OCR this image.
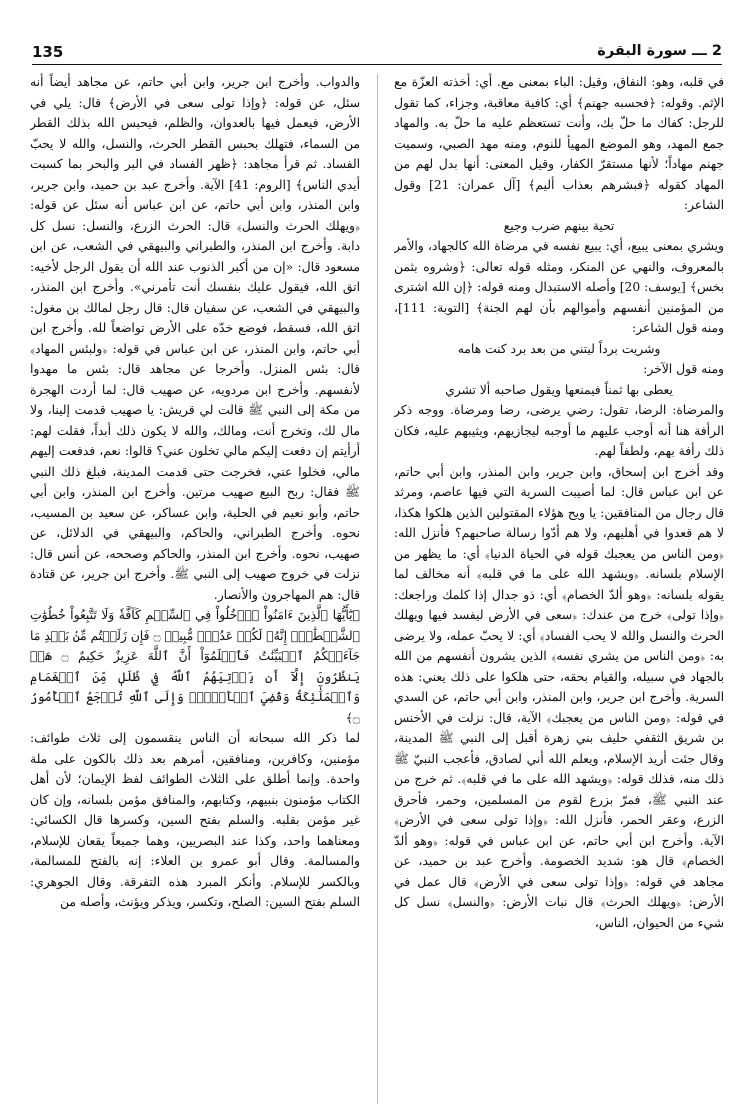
135	2 ـــ سورة البقرة

في قلبه، وهو: النفاق، وقيل: الباء بمعنى مع. أي: أخذته العزّة مع الإثم. وقوله: ﴿فحسبه جهنم﴾ أي: كافية معاقبة، وجزاء، كما تقول للرجل: كفاك ما حلّ بك، وأنت تستعظم عليه ما حلّ به. والمهاد جمع المهد، وهو الموضع المهيأ للنوم، ومنه مهد الصبي، وسميت جهنم مهاداً؛ لأنها مستقرّ الكفار، وقيل المعنى: أنها بدل لهم من المهاد كقوله ﴿فبشرهم بعذاب أليم﴾ [آل عمران: 21] وقول الشاعر:

تحية بينهم ضرب وجيع

ويشري بمعنى يبيع، أي: يبيع نفسه في مرضاة الله كالجهاد، والأمر بالمعروف، والنهي عن المنكر، ومثله قوله تعالى: ﴿وشروه بثمن بخس﴾ [يوسف: 20] وأصله الاستبدال ومنه قوله: ﴿إن الله اشترى من المؤمنين أنفسهم وأموالهم بأن لهم الجنة﴾ [التوبة: 111]، ومنه قول الشاعر:

وشريت برداً ليتني من بعد برد كنت هامه

ومنه قول الآخر:

يعطى بها ثمناً فيمنعها ويقول صاحبه ألا تشري

والمرضاة: الرضا، تقول: رضي يرضى، رضا ومرضاة. ووجه ذكر الرأفة هنا أنه أوجب عليهم ما أوجبه ليجازيهم، ويثيبهم عليه، فكان ذلك رأفة بهم، ولطفاً لهم.

وقد أخرج ابن إسحاق، وابن جرير، وابن المنذر، وابن أبي حاتم، عن ابن عباس قال: لما أصيبت السرية التي فيها عاصم، ومرثد قال رجال من المنافقين: يا ويح هؤلاء المقتولين الذين هلكوا هكذا، لا هم قعدوا في أهليهم، ولا هم أدّوا رسالة صاحبهم؟ فأنزل الله: ﴿ومن الناس من يعجبك قوله في الحياة الدنيا﴾ أي: ما يظهر من الإسلام بلسانه. ﴿ويشهد الله على ما في قلبه﴾ أنه مخالف لما يقوله بلسانه: ﴿وهو ألدّ الخصام﴾ أي: ذو جدال إذا كلمك وراجعك: ﴿وإذا تولى﴾ خرج من عندك: ﴿سعى في الأرض ليفسد فيها ويهلك الحرث والنسل والله لا يحب الفساد﴾ أي: لا يحبّ عمله، ولا يرضى به: ﴿ومن الناس من يشري نفسه﴾ الذين يشرون أنفسهم من الله بالجهاد في سبيله، والقيام بحقه، حتى هلكوا على ذلك يعني: هذه السرية. وأخرج ابن جرير، وابن المنذر، وابن أبي حاتم، عن السدي في قوله: ﴿ومن الناس من يعجبك﴾ الآية، قال: نزلت في الأخنس بن شريق الثقفي حليف بني زهرة أقبل إلى النبي ﷺ المدينة، وقال جئت أريد الإسلام، ويعلم الله أني لصادق، فأعجب النبيّ ﷺ ذلك منه، فذلك قوله: ﴿ويشهد الله على ما في قلبه﴾. ثم خرج من عند النبي ﷺ، فمرّ بزرع لقوم من المسلمين، وحمر، فأحرق الزرع، وعقر الحمر، فأنزل الله: ﴿وإذا تولى سعى في الأرض﴾ الآية. وأخرج ابن أبي حاتم، عن ابن عباس في قوله: ﴿وهو ألدّ الخصام﴾ قال هو: شديد الخصومة. وأخرج عبد بن حميد، عن مجاهد في قوله: ﴿وإذا تولى سعى في الأرض﴾ قال عمل في الأرض: ﴿ويهلك الحرث﴾ قال نبات الأرض: ﴿والنسل﴾ نسل كل شيء من الحيوان، الناس،

والدواب. وأخرج ابن جرير، وابن أبي حاتم، عن مجاهد أيضاً أنه سئل، عن قوله: ﴿وإذا تولى سعى في الأرض﴾ قال: يلي في الأرض، فيعمل فيها بالعدوان، والظلم، فيحبس الله بذلك القطر من السماء، فتهلك بحبس القطر الحرث، والنسل، والله لا يحبّ الفساد. ثم قرأ مجاهد: ﴿ظهر الفساد في البر والبحر بما كسبت أيدي الناس﴾ [الروم: 41] الآية. وأخرج عبد بن حميد، وابن جرير، وابن المنذر، وابن أبي حاتم، عن ابن عباس أنه سئل عن قوله: ﴿ويهلك الحرث والنسل﴾ قال: الحرث الزرع، والنسل: نسل كل دابة. وأخرج ابن المنذر، والطبراني والبيهقي في الشعب، عن ابن مسعود قال: «إن من أكبر الذنوب عند الله أن يقول الرجل لأخيه: اتق الله، فيقول عليك بنفسك أنت تأمرني». وأخرج ابن المنذر، والبيهقي في الشعب، عن سفيان قال: قال رجل لمالك بن مغول: اتق الله، فسقط، فوضع خدّه على الأرض تواضعاً لله. وأخرج ابن أبي حاتم، وابن المنذر، عن ابن عباس في قوله: ﴿ولبئس المهاد﴾ قال: بئس المنزل. وأخرجا عن مجاهد قال: بئس ما مهدوا لأنفسهم. وأخرج ابن مردويه، عن صهيب قال: لما أردت الهجرة من مكة إلى النبي ﷺ قالت لي قريش: يا صهيب قدمت إلينا، ولا مال لك، وتخرج أنت، ومالك، والله لا يكون ذلك أبداً، فقلت لهم: أرأيتم إن دفعت إليكم مالي تخلون عني؟ قالوا: نعم، فدفعت إليهم مالي، فخلوا عني، فخرجت حتى قدمت المدينة، فبلغ ذلك النبي ﷺ فقال: ربح البيع صهيب مرتين. وأخرج ابن المنذر، وابن أبي حاتم، وأبو نعيم في الحلية، وابن عساكر، عن سعيد بن المسيب، نحوه. وأخرج الطبراني، والحاكم، والبيهقي في الدلائل، عن صهيب، نحوه. وأخرج ابن المنذر، والحاكم وصححه، عن أنس قال: نزلت في خروج صهيب إلى النبي ﷺ. وأخرج ابن جرير، عن قتادة قال: هم المهاجرون والأنصار.

﴿يَٰٓأَيُّهَا ٱلَّذِينَ ءَامَنُواْ ٱدۡخُلُواْ فِي ٱلسِّلۡمِ كَآفَّةٗ وَلَا تَتَّبِعُواْ خُطُوَٰتِ ٱلشَّيۡطَٰنِۚ إِنَّهُۥ لَكُمۡ عَدُوّٞ مُّبِينٞ ۝ فَإِن زَلَلۡتُم مِّنۢ بَعۡدِ مَا جَآءَتۡكُمُ ٱلۡبَيِّنَٰتُ فَٱعۡلَمُوٓاْ أَنَّ ٱللَّهَ عَزِيزٌ حَكِيمٌ ۝ هَلۡ يَنظُرُونَ إِلَّآ أَن يَأۡتِيَهُمُ ٱللَّهُ فِي ظُلَلٖ مِّنَ ٱلۡغَمَامِ وَٱلۡمَلَٰٓئِكَةُ وَقُضِيَ ٱلۡأَمۡرُۚ وَإِلَى ٱللَّهِ تُرۡجَعُ ٱلۡأُمُورُ ۝﴾

لما ذكر الله سبحانه أن الناس ينقسمون إلى ثلاث طوائف: مؤمنين، وكافرين، ومنافقين، أمرهم بعد ذلك بالكون على ملة واحدة. وإنما أطلق على الثلاث الطوائف لفظ الإيمان؛ لأن أهل الكتاب مؤمنون بنبيهم، وكتابهم، والمنافق مؤمن بلسانه، وإن كان غير مؤمن بقلبه. والسلم بفتح السين، وكسرها قال الكسائي: ومعناهما واحد، وكذا عند البصريين، وهما جميعاً يقعان للإسلام، والمسالمة. وقال أبو عمرو بن العلاء: إنه بالفتح للمسالمة، وبالكسر للإسلام. وأنكر المبرد هذه التفرقة. وقال الجوهري: السلم بفتح السين: الصلح، وتكسر، ويذكر ويؤنث، وأصله من
